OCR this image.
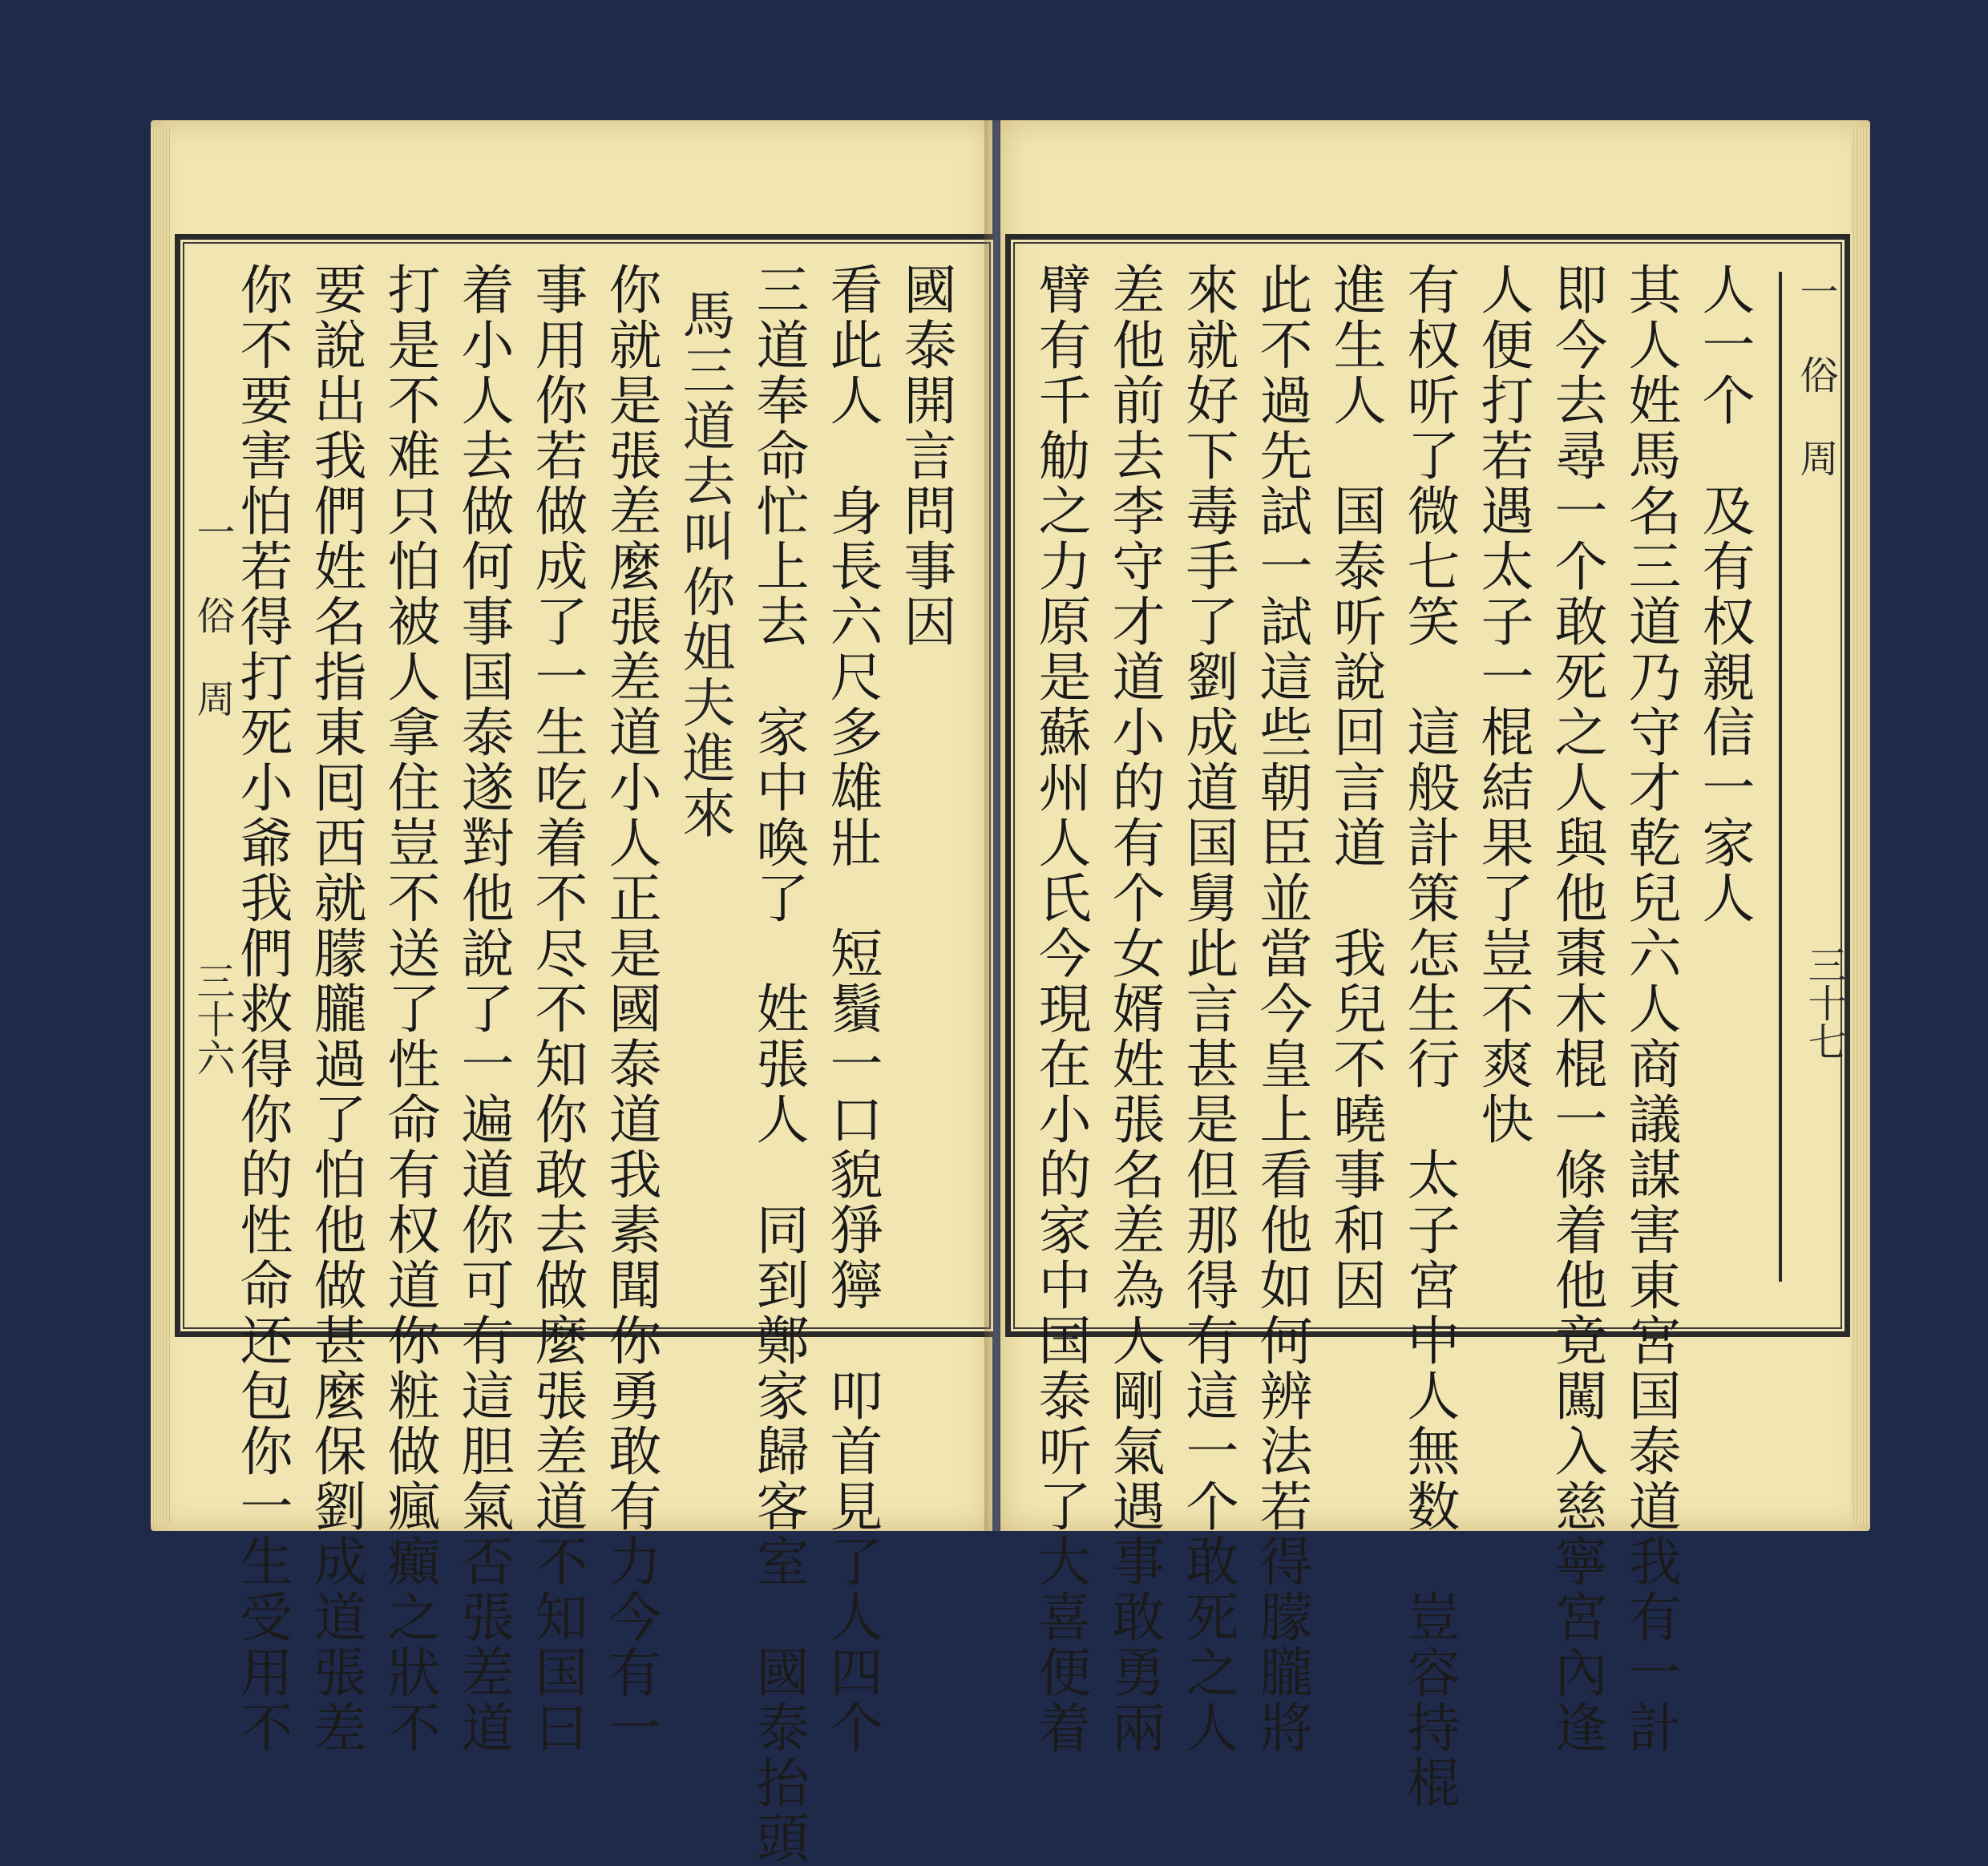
一 俗 周
三十六
你不要害怕若得打死小爺我們救得你的性命还包你一生受用不 要說出我們姓名指東囘西就朦朧過了怕他做甚麼保劉成道張差 打是不难只怕被人拿住豈不送了性命有权道你粧做瘋癲之狀不 着小人去做何事国泰遂對他說了一遍道你可有這胆氣否張差道 事用你若做成了一生吃着不尽不知你敢去做麼張差道不知国曰 你就是張差麼張差道小人正是國泰道我素聞你勇敢有力今有一 馬三道去叫你姐夫進來 三道奉命忙上去　家中喚了　姓張人　同到鄭家歸客室　國泰抬頭 看此人　身長六尺多雄壯　短鬚一口貌猙獰　叩首見了人四个 國泰開言問事因 臂有千觔之力原是蘇州人氏今現在小的家中国泰听了大喜便着 差他前去李守才道小的有个女婿姓張名差為人剛氣遇事敢勇兩 來就好下毒手了劉成道国舅此言甚是但那得有這一个敢死之人 此不過先試一試這些朝臣並當今皇上看他如何辨法若得朦朧將 進生人　国泰听說回言道　我兒不曉事和因 有权听了微七笑　這般計策怎生行　太子宮中人無数　豈容持棍 人便打若遇太子一棍結果了豈不爽快 即今去尋一个敢死之人與他棗木棍一條着他竟闖入慈寧宮內逢 其人姓馬名三道乃守才乾兒六人商議謀害東宮国泰道我有一計 人一个　及有权親信一家人	一 俗 周
三十七
